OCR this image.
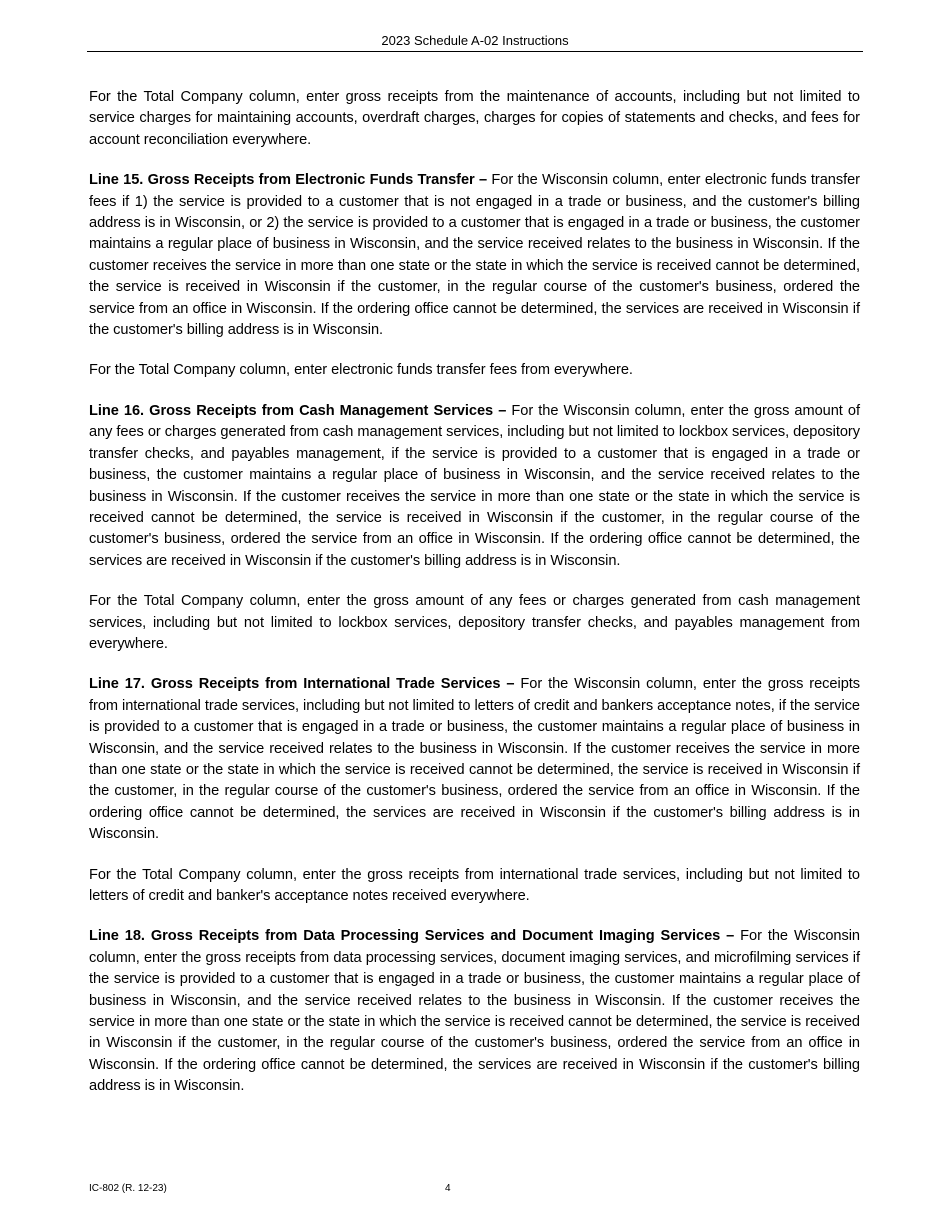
2023 Schedule A-02 Instructions

For the Total Company column, enter gross receipts from the maintenance of accounts, including but not limited to service charges for maintaining accounts, overdraft charges, charges for copies of statements and checks, and fees for account reconciliation everywhere.

Line 15. Gross Receipts from Electronic Funds Transfer – For the Wisconsin column, enter electronic funds transfer fees if 1) the service is provided to a customer that is not engaged in a trade or business, and the customer's billing address is in Wisconsin, or 2) the service is provided to a customer that is engaged in a trade or business, the customer maintains a regular place of business in Wisconsin, and the service received relates to the business in Wisconsin. If the customer receives the service in more than one state or the state in which the service is received cannot be determined, the service is received in Wisconsin if the customer, in the regular course of the customer's business, ordered the service from an office in Wisconsin. If the ordering office cannot be determined, the services are received in Wisconsin if the customer's billing address is in Wisconsin.

For the Total Company column, enter electronic funds transfer fees from everywhere.

Line 16. Gross Receipts from Cash Management Services – For the Wisconsin column, enter the gross amount of any fees or charges generated from cash management services, including but not limited to lockbox services, depository transfer checks, and payables management, if the service is provided to a customer that is engaged in a trade or business, the customer maintains a regular place of business in Wisconsin, and the service received relates to the business in Wisconsin. If the customer receives the service in more than one state or the state in which the service is received cannot be determined, the service is received in Wisconsin if the customer, in the regular course of the customer's business, ordered the service from an office in Wisconsin. If the ordering office cannot be determined, the services are received in Wisconsin if the customer's billing address is in Wisconsin.

For the Total Company column, enter the gross amount of any fees or charges generated from cash management services, including but not limited to lockbox services, depository transfer checks, and payables management from everywhere.

Line 17. Gross Receipts from International Trade Services – For the Wisconsin column, enter the gross receipts from international trade services, including but not limited to letters of credit and bankers acceptance notes, if the service is provided to a customer that is engaged in a trade or business, the customer maintains a regular place of business in Wisconsin, and the service received relates to the business in Wisconsin. If the customer receives the service in more than one state or the state in which the service is received cannot be determined, the service is received in Wisconsin if the customer, in the regular course of the customer's business, ordered the service from an office in Wisconsin. If the ordering office cannot be determined, the services are received in Wisconsin if the customer's billing address is in Wisconsin.

For the Total Company column, enter the gross receipts from international trade services, including but not limited to letters of credit and banker's acceptance notes received everywhere.

Line 18. Gross Receipts from Data Processing Services and Document Imaging Services – For the Wisconsin column, enter the gross receipts from data processing services, document imaging services, and microfilming services if the service is provided to a customer that is engaged in a trade or business, the customer maintains a regular place of business in Wisconsin, and the service received relates to the business in Wisconsin. If the customer receives the service in more than one state or the state in which the service is received cannot be determined, the service is received in Wisconsin if the customer, in the regular course of the customer's business, ordered the service from an office in Wisconsin. If the ordering office cannot be determined, the services are received in Wisconsin if the customer's billing address is in Wisconsin.

IC-802 (R. 12-23)	4
